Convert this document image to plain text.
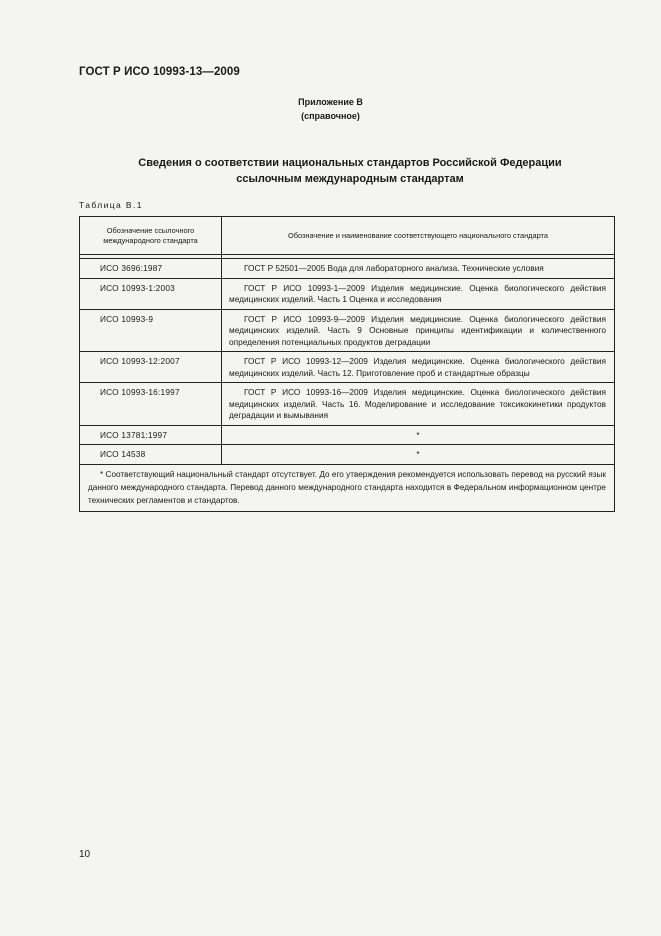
ГОСТ Р ИСО 10993-13—2009
Приложение В
(справочное)
Сведения о соответствии национальных стандартов Российской Федерации
ссылочным международным стандартам
Таблица В.1
Обозначение ссылочного международного стандарта	Обозначение и наименование соответствующего национального стандарта

ИСО 3696:1987	ГОСТ Р 52501—2005 Вода для лабораторного анализа. Технические условия
ИСО 10993-1:2003	ГОСТ Р ИСО 10993-1—2009 Изделия медицинские. Оценка биологического действия медицинских изделий. Часть 1 Оценка и исследования
ИСО 10993-9	ГОСТ Р ИСО 10993-9—2009 Изделия медицинские. Оценка биологического действия медицинских изделий. Часть 9 Основные принципы идентификации и количественного определения потенциальных продуктов деградации
ИСО 10993-12:2007	ГОСТ Р ИСО 10993-12—2009 Изделия медицинские. Оценка биологического действия медицинских изделий. Часть 12. Приготовление проб и стандартные образцы
ИСО 10993-16:1997	ГОСТ Р ИСО 10993-16—2009 Изделия медицинские. Оценка биологического действия медицинских изделий. Часть 16. Моделирование и исследование токсикокинетики продуктов деградации и вымывания
ИСО 13781:1997	*
ИСО 14538	*
* Соответствующий национальный стандарт отсутствует. До его утверждения рекомендуется использовать перевод на русский язык данного международного стандарта. Перевод данного международного стандарта находится в Федеральном информационном центре технических регламентов и стандартов.	
10
